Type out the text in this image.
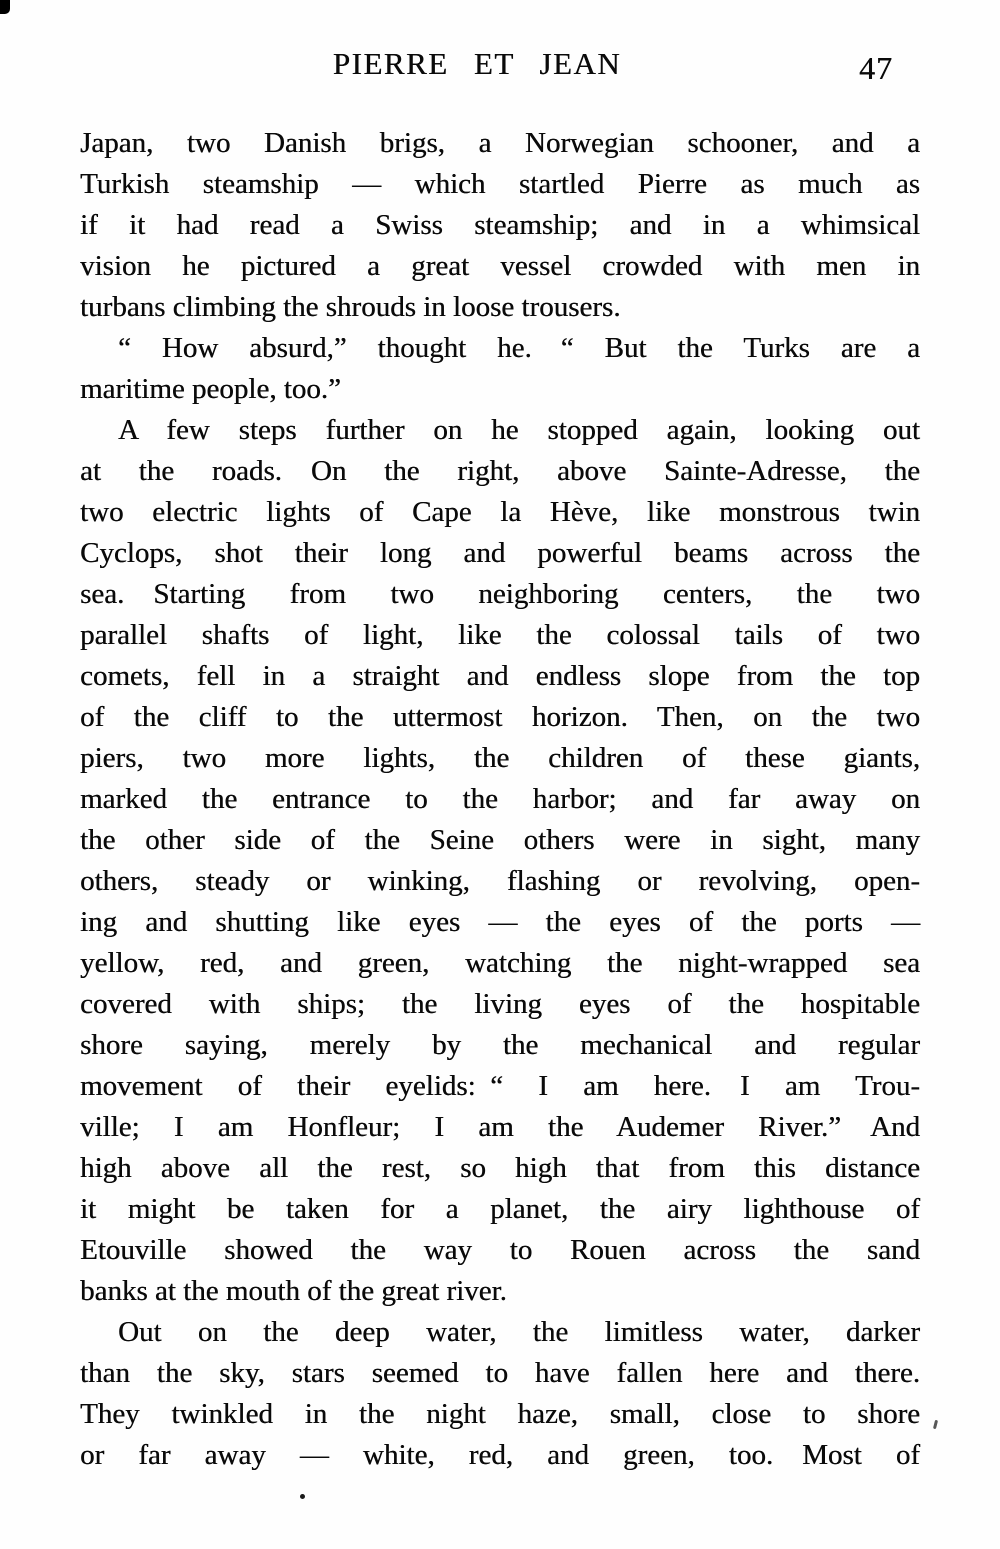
PIERRE ET JEAN	47

Japan, two Danish brigs, a Norwegian schooner, and a
Turkish steamship — which startled Pierre as much as
if it had read a Swiss steamship; and in a whimsical
vision he pictured a great vessel crowded with men in
turbans climbing the shrouds in loose trousers.

“ How absurd,” thought he. “ But the Turks are a
maritime people, too.”

A few steps further on he stopped again, looking out
at the roads. On the right, above Sainte-Adresse, the
two electric lights of Cape la Hève, like monstrous twin
Cyclops, shot their long and powerful beams across the
sea. Starting from two neighboring centers, the two
parallel shafts of light, like the colossal tails of two
comets, fell in a straight and endless slope from the top
of the cliff to the uttermost horizon. Then, on the two
piers, two more lights, the children of these giants,
marked the entrance to the harbor; and far away on
the other side of the Seine others were in sight, many
others, steady or winking, flashing or revolving, open-
ing and shutting like eyes — the eyes of the ports —
yellow, red, and green, watching the night-wrapped sea
covered with ships; the living eyes of the hospitable
shore saying, merely by the mechanical and regular
movement of their eyelids: “ I am here. I am Trou-
ville; I am Honfleur; I am the Audemer River.” And
high above all the rest, so high that from this distance
it might be taken for a planet, the airy lighthouse of
Etouville showed the way to Rouen across the sand
banks at the mouth of the great river.

Out on the deep water, the limitless water, darker
than the sky, stars seemed to have fallen here and there.
They twinkled in the night haze, small, close to shore
or far away — white, red, and green, too. Most of
